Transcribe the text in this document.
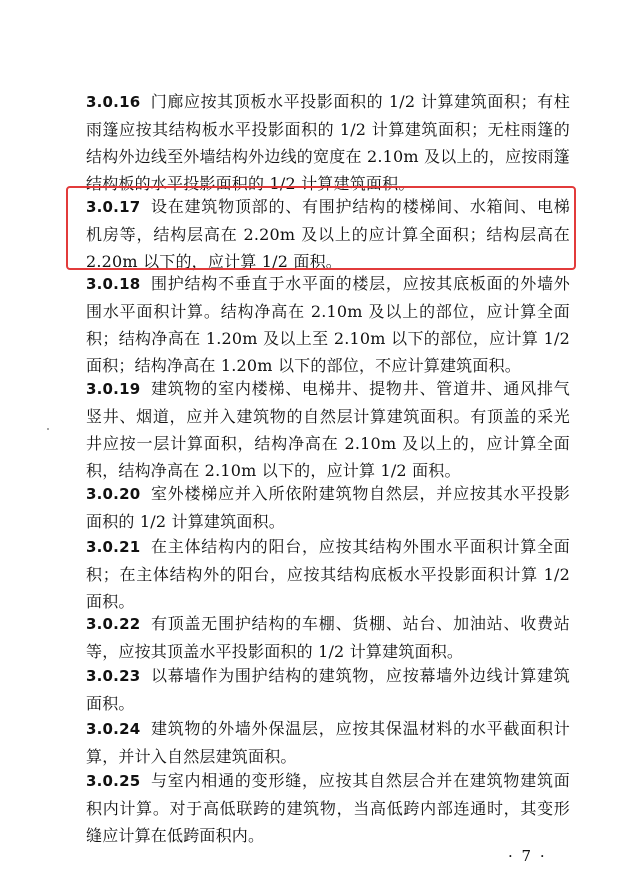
3.0.16 门廊应按其顶板水平投影面积的 1/2 计算建筑面积；有柱雨篷应按其结构板水平投影面积的 1/2 计算建筑面积；无柱雨篷的结构外边线至外墙结构外边线的宽度在 2.10m 及以上的，应按雨篷结构板的水平投影面积的 1/2 计算建筑面积。
3.0.17 设在建筑物顶部的、有围护结构的楼梯间、水箱间、电梯机房等，结构层高在 2.20m 及以上的应计算全面积；结构层高在 2.20m 以下的，应计算 1/2 面积。
3.0.18 围护结构不垂直于水平面的楼层，应按其底板面的外墙外围水平面积计算。结构净高在 2.10m 及以上的部位，应计算全面积；结构净高在 1.20m 及以上至 2.10m 以下的部位，应计算 1/2 面积；结构净高在 1.20m 以下的部位，不应计算建筑面积。
3.0.19 建筑物的室内楼梯、电梯井、提物井、管道井、通风排气竖井、烟道，应并入建筑物的自然层计算建筑面积。有顶盖的采光井应按一层计算面积，结构净高在 2.10m 及以上的，应计算全面积，结构净高在 2.10m 以下的，应计算 1/2 面积。
3.0.20 室外楼梯应并入所依附建筑物自然层，并应按其水平投影面积的 1/2 计算建筑面积。
3.0.21 在主体结构内的阳台，应按其结构外围水平面积计算全面积；在主体结构外的阳台，应按其结构底板水平投影面积计算 1/2 面积。
3.0.22 有顶盖无围护结构的车棚、货棚、站台、加油站、收费站等，应按其顶盖水平投影面积的 1/2 计算建筑面积。
3.0.23 以幕墙作为围护结构的建筑物，应按幕墙外边线计算建筑面积。
3.0.24 建筑物的外墙外保温层，应按其保温材料的水平截面积计算，并计入自然层建筑面积。
3.0.25 与室内相通的变形缝，应按其自然层合并在建筑物建筑面积内计算。对于高低联跨的建筑物，当高低跨内部连通时，其变形缝应计算在低跨面积内。
· 7 ·
